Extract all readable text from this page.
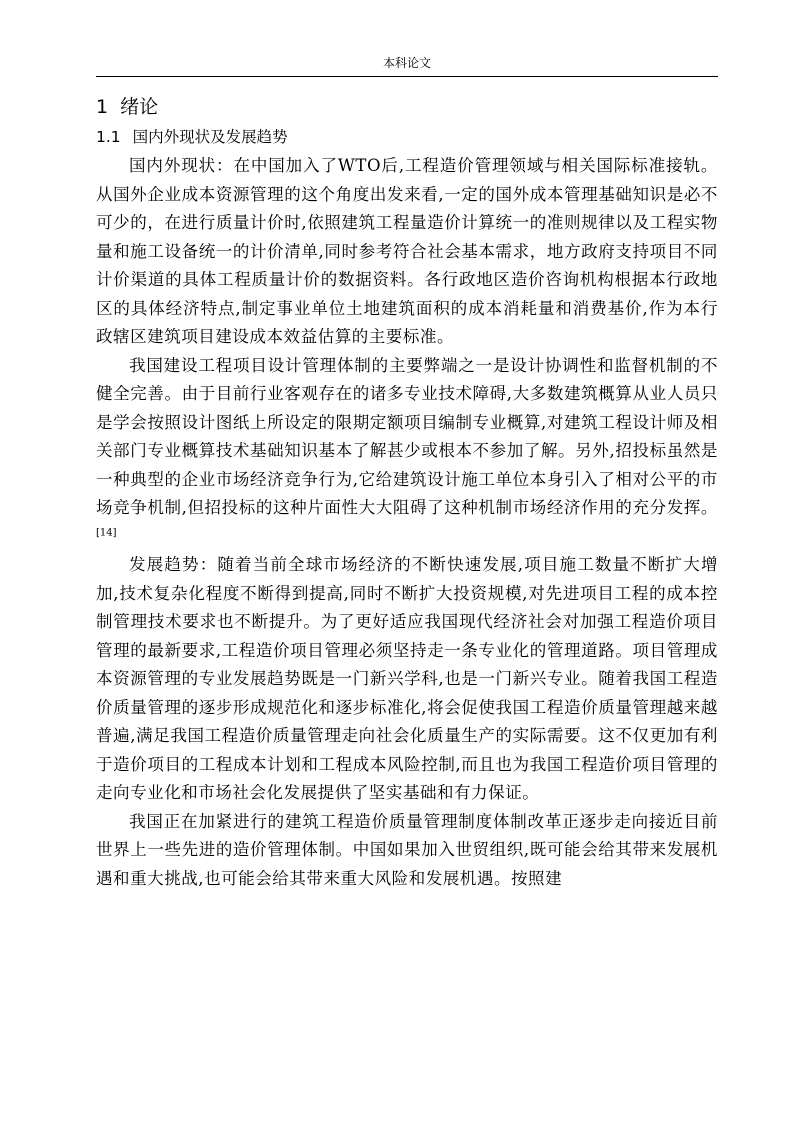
本科论文
1 绪论
1.1 国内外现状及发展趋势

国内外现状：在中国加入了WTO后,工程造价管理领域与相关国际标准接轨。从国外企业成本资源管理的这个角度出发来看,一定的国外成本管理基础知识是必不可少的，在进行质量计价时,依照建筑工程量造价计算统一的准则规律以及工程实物量和施工设备统一的计价清单,同时参考符合社会基本需求，地方政府支持项目不同计价渠道的具体工程质量计价的数据资料。各行政地区造价咨询机构根据本行政地区的具体经济特点,制定事业单位土地建筑面积的成本消耗量和消费基价,作为本行政辖区建筑项目建设成本效益估算的主要标准。

我国建设工程项目设计管理体制的主要弊端之一是设计协调性和监督机制的不健全完善。由于目前行业客观存在的诸多专业技术障碍,大多数建筑概算从业人员只是学会按照设计图纸上所设定的限期定额项目编制专业概算,对建筑工程设计师及相关部门专业概算技术基础知识基本了解甚少或根本不参加了解。另外,招投标虽然是一种典型的企业市场经济竞争行为,它给建筑设计施工单位本身引入了相对公平的市场竞争机制,但招投标的这种片面性大大阻碍了这种机制市场经济作用的充分发挥。[14]

发展趋势：随着当前全球市场经济的不断快速发展,项目施工数量不断扩大增加,技术复杂化程度不断得到提高,同时不断扩大投资规模,对先进项目工程的成本控制管理技术要求也不断提升。为了更好适应我国现代经济社会对加强工程造价项目管理的最新要求,工程造价项目管理必须坚持走一条专业化的管理道路。项目管理成本资源管理的专业发展趋势既是一门新兴学科,也是一门新兴专业。随着我国工程造价质量管理的逐步形成规范化和逐步标准化,将会促使我国工程造价质量管理越来越普遍,满足我国工程造价质量管理走向社会化质量生产的实际需要。这不仅更加有利于造价项目的工程成本计划和工程成本风险控制,而且也为我国工程造价项目管理的走向专业化和市场社会化发展提供了坚实基础和有力保证。

我国正在加紧进行的建筑工程造价质量管理制度体制改革正逐步走向接近目前世界上一些先进的造价管理体制。中国如果加入世贸组织,既可能会给其带来发展机遇和重大挑战,也可能会给其带来重大风险和发展机遇。按照建
